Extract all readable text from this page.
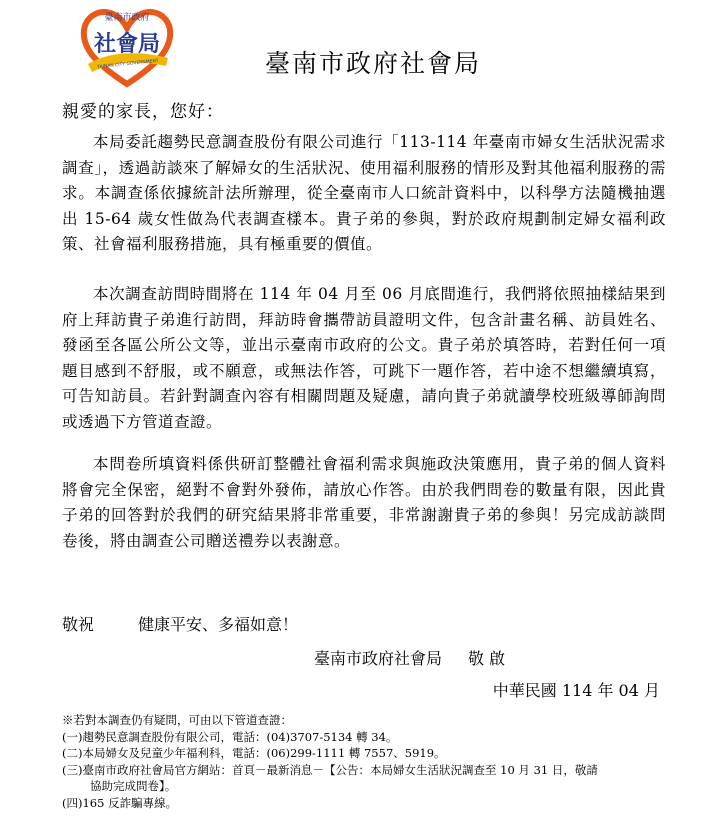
臺南市政府
社會局
TAINAN CITY GOVERNMENT	臺南市政府社會局
親愛的家長，您好：
本局委託趨勢民意調查股份有限公司進行「113-114 年臺南市婦女生活狀況需求調查」，透過訪談來了解婦女的生活狀況、使用福利服務的情形及對其他福利服務的需求。本調查係依據統計法所辦理，從全臺南市人口統計資料中，以科學方法隨機抽選出 15-64 歲女性做為代表調查樣本。貴子弟的參與，對於政府規劃制定婦女福利政策、社會福利服務措施，具有極重要的價值。
本次調查訪問時間將在 114 年 04 月至 06 月底間進行，我們將依照抽樣結果到府上拜訪貴子弟進行訪問，拜訪時會攜帶訪員證明文件，包含計畫名稱、訪員姓名、發函至各區公所公文等，並出示臺南市政府的公文。貴子弟於填答時，若對任何一項題目感到不舒服，或不願意，或無法作答，可跳下一題作答，若中途不想繼續填寫，可告知訪員。若針對調查內容有相關問題及疑慮，請向貴子弟就讀學校班級導師詢問或透過下方管道查證。
本問卷所填資料係供研訂整體社會福利需求與施政決策應用，貴子弟的個人資料將會完全保密，絕對不會對外發佈，請放心作答。由於我們問卷的數量有限，因此貴子弟的回答對於我們的研究結果將非常重要，非常謝謝貴子弟的參與！另完成訪談問卷後，將由調查公司贈送禮券以表謝意。
敬祝	健康平安、多福如意！
臺南市政府社會局 敬 啟
中華民國 114 年 04 月
※若對本調查仍有疑問，可由以下管道查證：
(一)趨勢民意調查股份有限公司，電話：(04)3707-5134 轉 34。
(二)本局婦女及兒童少年福利科，電話：(06)299-1111 轉 7557、5919。
(三)臺南市政府社會局官方網站：首頁－最新消息－【公告：本局婦女生活狀況調查至 10 月 31 日，敬請
協助完成問卷】。
(四)165 反詐騙專線。
